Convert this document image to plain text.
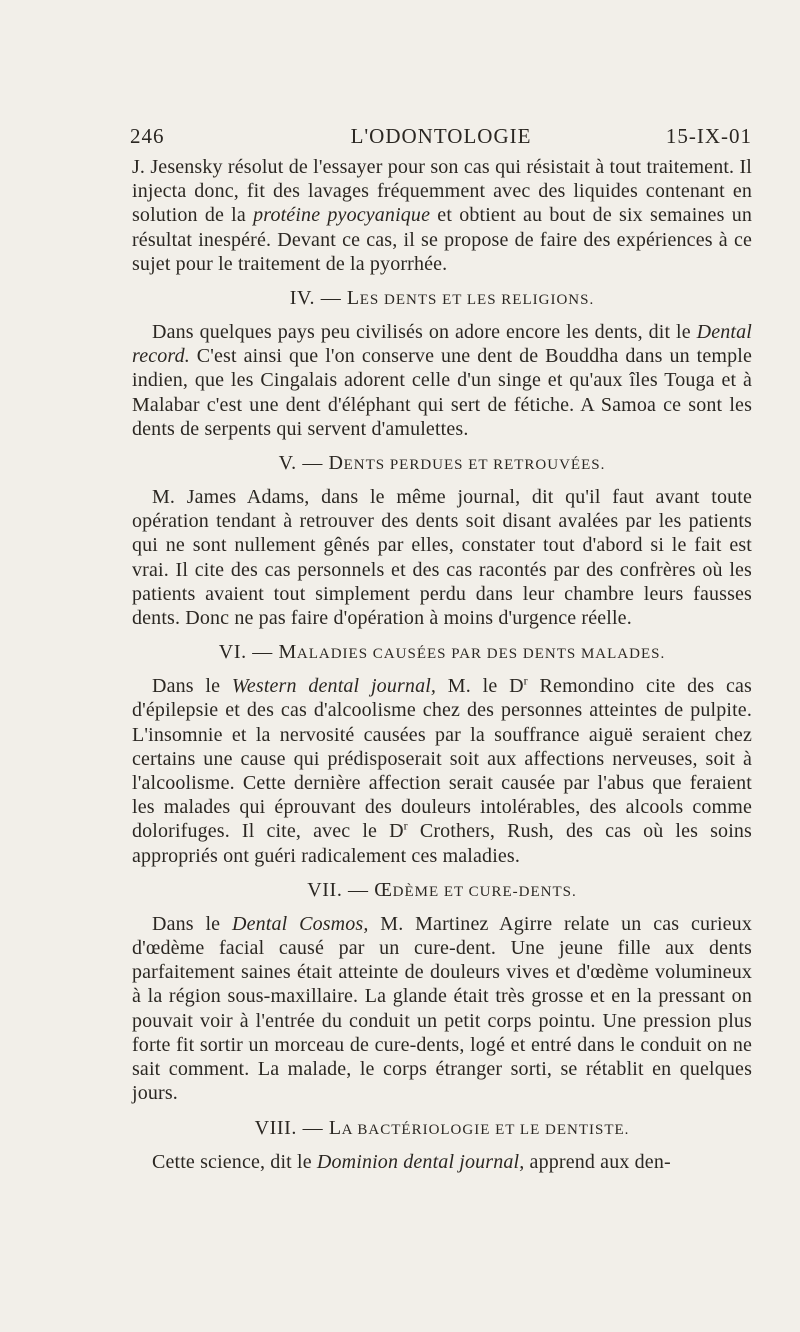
246	L'ODONTOLOGIE	15-IX-01

J. Jesensky résolut de l'essayer pour son cas qui résistait à tout traitement. Il injecta donc, fit des lavages fréquemment avec des liquides contenant en solution de la protéine pyocyanique et obtient au bout de six semaines un résultat inespéré. Devant ce cas, il se propose de faire des expériences à ce sujet pour le traitement de la pyorrhée.

IV. — LES DENTS ET LES RELIGIONS.

Dans quelques pays peu civilisés on adore encore les dents, dit le Dental record. C'est ainsi que l'on conserve une dent de Bouddha dans un temple indien, que les Cingalais adorent celle d'un singe et qu'aux îles Touga et à Malabar c'est une dent d'éléphant qui sert de fétiche. A Samoa ce sont les dents de serpents qui servent d'amulettes.

V. — DENTS PERDUES ET RETROUVÉES.

M. James Adams, dans le même journal, dit qu'il faut avant toute opération tendant à retrouver des dents soit disant avalées par les patients qui ne sont nullement gênés par elles, constater tout d'abord si le fait est vrai. Il cite des cas personnels et des cas racontés par des confrères où les patients avaient tout simplement perdu dans leur chambre leurs fausses dents. Donc ne pas faire d'opération à moins d'urgence réelle.

VI. — MALADIES CAUSÉES PAR DES DENTS MALADES.

Dans le Western dental journal, M. le $D^r$ Remondino cite des cas d'épilepsie et des cas d'alcoolisme chez des personnes atteintes de pulpite. L'insomnie et la nervosité causées par la souffrance aiguë seraient chez certains une cause qui prédisposerait soit aux affections nerveuses, soit à l'alcoolisme. Cette dernière affection serait causée par l'abus que feraient les malades qui éprouvant des douleurs intolérables, des alcools comme dolorifuges. Il cite, avec le $D^r$ Crothers, Rush, des cas où les soins appropriés ont guéri radicalement ces maladies.

VII. — ŒDÈME ET CURE-DENTS.

Dans le Dental Cosmos, M. Martinez Agirre relate un cas curieux d'œdème facial causé par un cure-dent. Une jeune fille aux dents parfaitement saines était atteinte de douleurs vives et d'œdème volumineux à la région sous-maxillaire. La glande était très grosse et en la pressant on pouvait voir à l'entrée du conduit un petit corps pointu. Une pression plus forte fit sortir un morceau de cure-dents, logé et entré dans le conduit on ne sait comment. La malade, le corps étranger sorti, se rétablit en quelques jours.

VIII. — LA BACTÉRIOLOGIE ET LE DENTISTE.

Cette science, dit le Dominion dental journal, apprend aux den-
